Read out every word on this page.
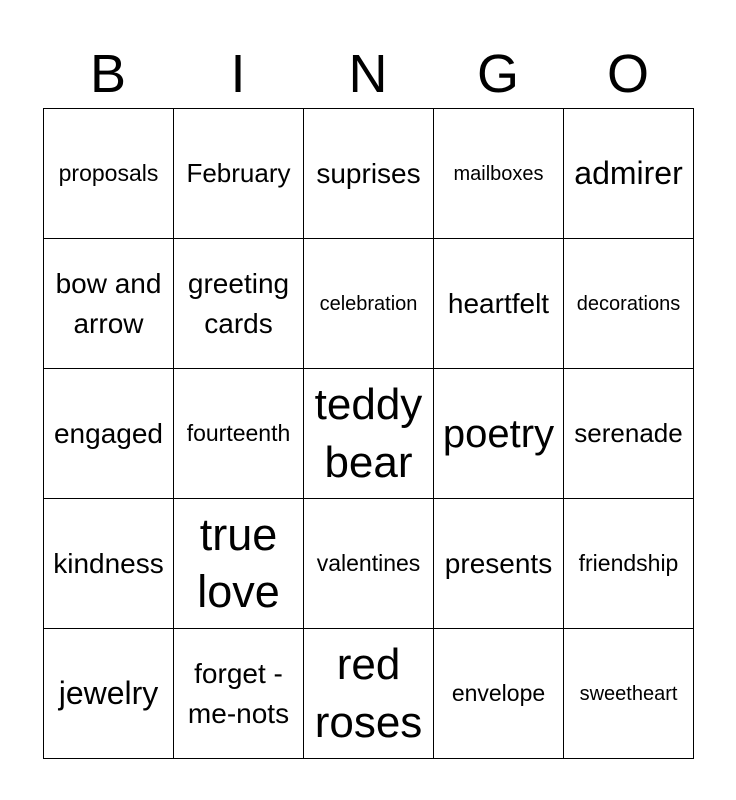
B	I	N	G	O
proposals	February	suprises	mailboxes	admirer
bow and arrow	greeting cards	celebration	heartfelt	decorations
engaged	fourteenth	teddy bear	poetry	serenade
kindness	true love	valentines	presents	friendship
jewelry	forget - me-nots	red roses	envelope	sweetheart
